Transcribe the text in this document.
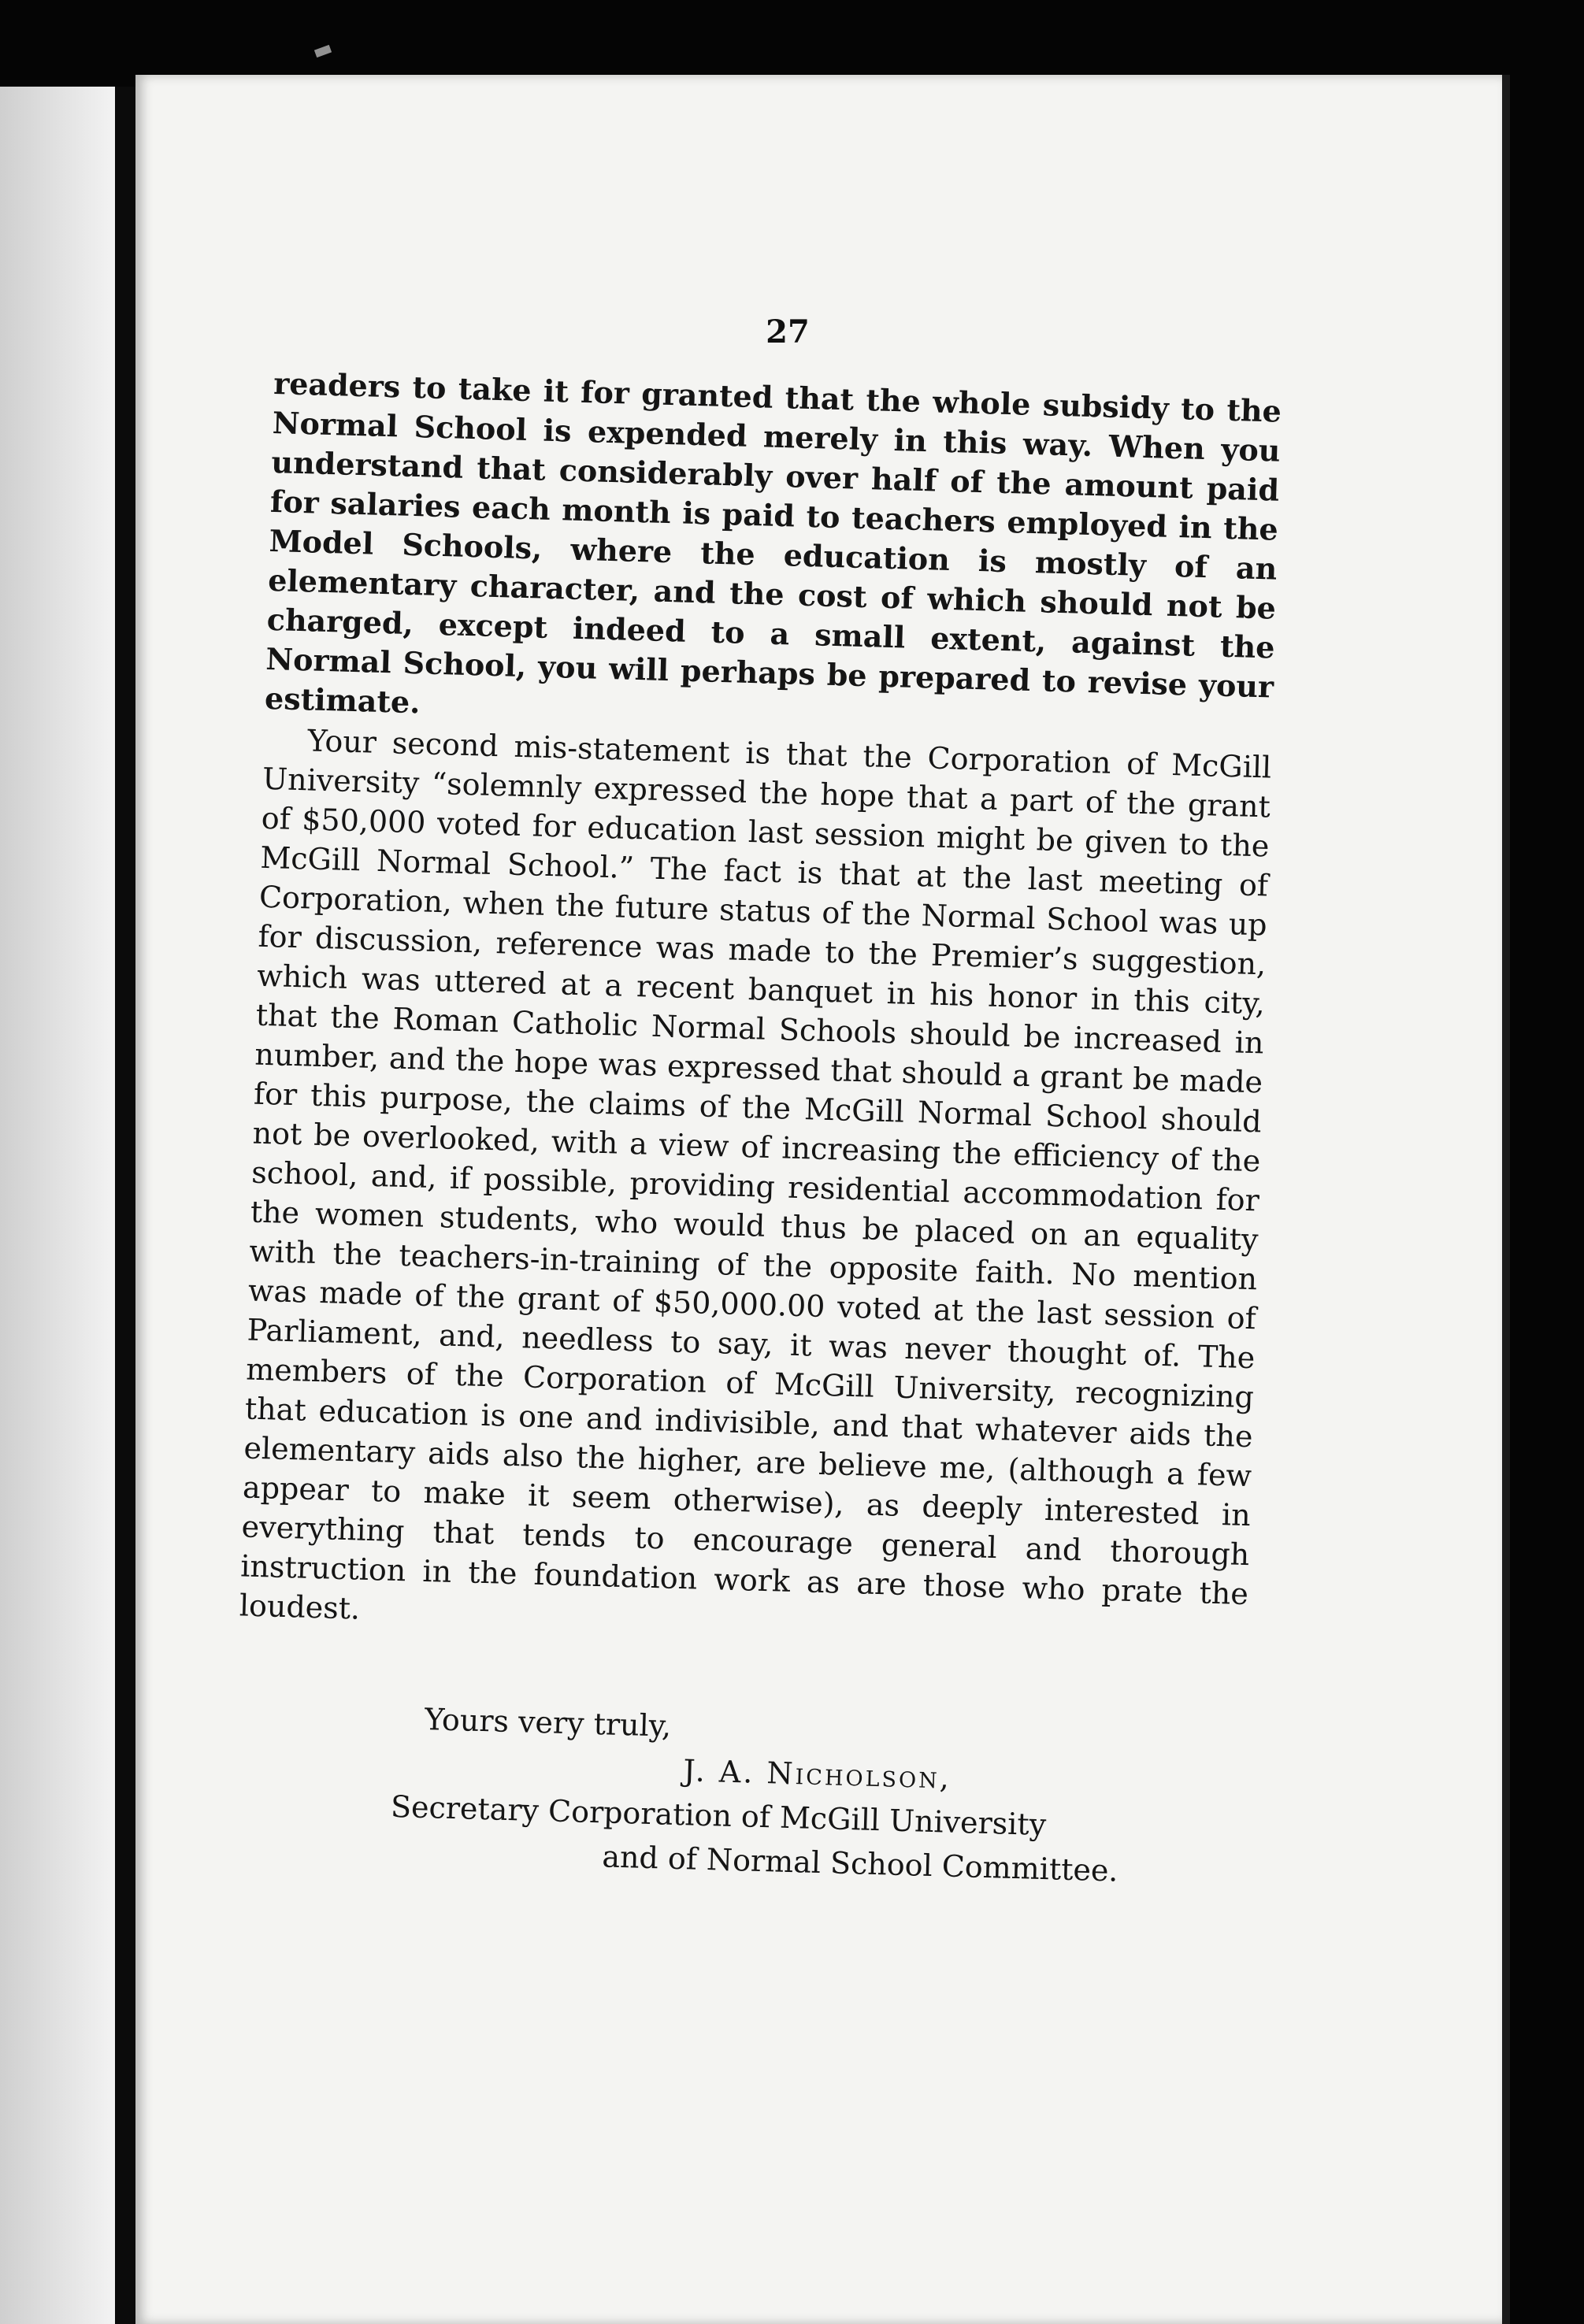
27

readers to take it for granted that the whole subsidy to the Normal School is expended merely in this way. When you understand that considerably over half of the amount paid for salaries each month is paid to teachers employed in the Model Schools, where the education is mostly of an elementary character, and the cost of which should not be charged, except indeed to a small extent, against the Normal School, you will perhaps be prepared to revise your estimate.

Your second mis-statement is that the Corporation of McGill University “solemnly expressed the hope that a part of the grant of $50,000 voted for education last session might be given to the McGill Normal School.” The fact is that at the last meeting of Corporation, when the future status of the Normal School was up for discussion, reference was made to the Premier’s suggestion, which was uttered at a recent banquet in his honor in this city, that the Roman Catholic Normal Schools should be increased in number, and the hope was expressed that should a grant be made for this purpose, the claims of the McGill Normal School should not be overlooked, with a view of increasing the efficiency of the school, and, if possible, providing residential accommodation for the women students, who would thus be placed on an equality with the teachers-in-training of the opposite faith. No mention was made of the grant of $50,000.00 voted at the last session of Parliament, and, needless to say, it was never thought of. The members of the Corporation of McGill University, recognizing that education is one and indivisible, and that whatever aids the elementary aids also the higher, are believe me, (although a few appear to make it seem otherwise), as deeply interested in everything that tends to encourage general and thorough instruction in the foundation work as are those who prate the loudest.

Yours very truly,
J. A. Nicholson,
Secretary Corporation of McGill University
and of Normal School Committee.
